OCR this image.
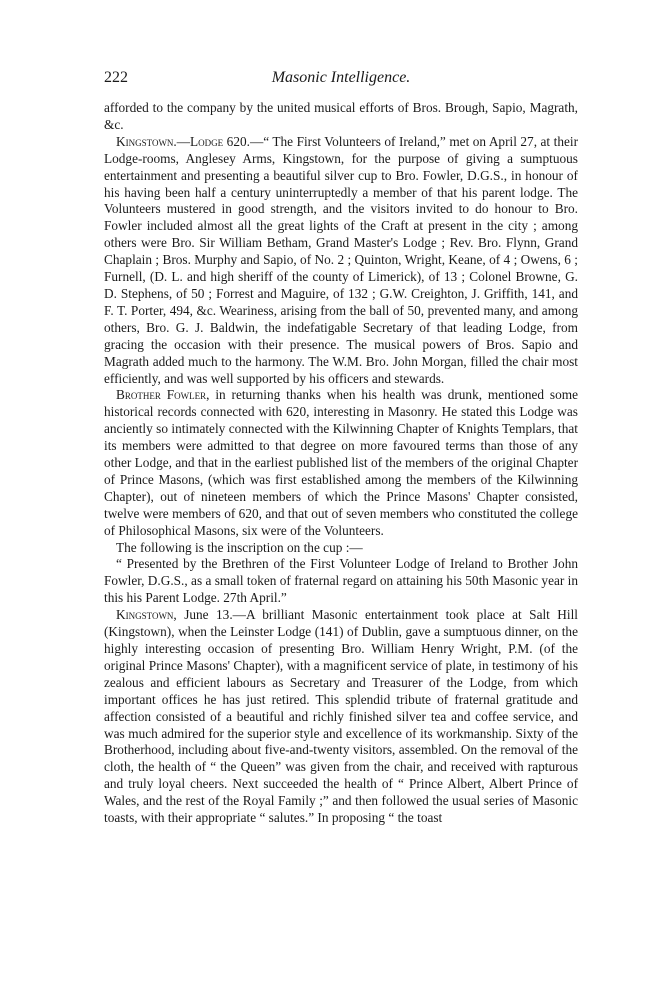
222	Masonic Intelligence.

afforded to the company by the united musical efforts of Bros. Brough, Sapio, Magrath, &c.

Kingstown.—Lodge 620.—“ The First Volunteers of Ireland,” met on April 27, at their Lodge-rooms, Anglesey Arms, Kingstown, for the purpose of giving a sumptuous entertainment and presenting a beautiful silver cup to Bro. Fowler, D.G.S., in honour of his having been half a century uninterruptedly a member of that his parent lodge. The Volunteers mustered in good strength, and the visitors invited to do honour to Bro. Fowler included almost all the great lights of the Craft at present in the city ; among others were Bro. Sir William Betham, Grand Master's Lodge ; Rev. Bro. Flynn, Grand Chaplain ; Bros. Murphy and Sapio, of No. 2 ; Quinton, Wright, Keane, of 4 ; Owens, 6 ; Furnell, (D. L. and high sheriff of the county of Limerick), of 13 ; Colonel Browne, G. D. Stephens, of 50 ; Forrest and Maguire, of 132 ; G.W. Creighton, J. Griffith, 141, and F. T. Porter, 494, &c. Weariness, arising from the ball of 50, prevented many, and among others, Bro. G. J. Baldwin, the indefatigable Secretary of that leading Lodge, from gracing the occasion with their presence. The musical powers of Bros. Sapio and Magrath added much to the harmony. The W.M. Bro. John Morgan, filled the chair most efficiently, and was well supported by his officers and stewards.

Brother Fowler, in returning thanks when his health was drunk, mentioned some historical records connected with 620, interesting in Masonry. He stated this Lodge was anciently so intimately connected with the Kilwinning Chapter of Knights Templars, that its members were admitted to that degree on more favoured terms than those of any other Lodge, and that in the earliest published list of the members of the original Chapter of Prince Masons, (which was first established among the members of the Kilwinning Chapter), out of nineteen members of which the Prince Masons' Chapter consisted, twelve were members of 620, and that out of seven members who constituted the college of Philosophical Masons, six were of the Volunteers.

The following is the inscription on the cup :—

“ Presented by the Brethren of the First Volunteer Lodge of Ireland to Brother John Fowler, D.G.S., as a small token of fraternal regard on attaining his 50th Masonic year in this his Parent Lodge. 27th April.”

Kingstown, June 13.—A brilliant Masonic entertainment took place at Salt Hill (Kingstown), when the Leinster Lodge (141) of Dublin, gave a sumptuous dinner, on the highly interesting occasion of presenting Bro. William Henry Wright, P.M. (of the original Prince Masons' Chapter), with a magnificent service of plate, in testimony of his zealous and efficient labours as Secretary and Treasurer of the Lodge, from which important offices he has just retired. This splendid tribute of fraternal gratitude and affection consisted of a beautiful and richly finished silver tea and coffee service, and was much admired for the superior style and excellence of its workmanship. Sixty of the Brotherhood, including about five-and-twenty visitors, assembled. On the removal of the cloth, the health of “ the Queen” was given from the chair, and received with rapturous and truly loyal cheers. Next succeeded the health of “ Prince Albert, Albert Prince of Wales, and the rest of the Royal Family ;” and then followed the usual series of Masonic toasts, with their appropriate “ salutes.” In proposing “ the toast
